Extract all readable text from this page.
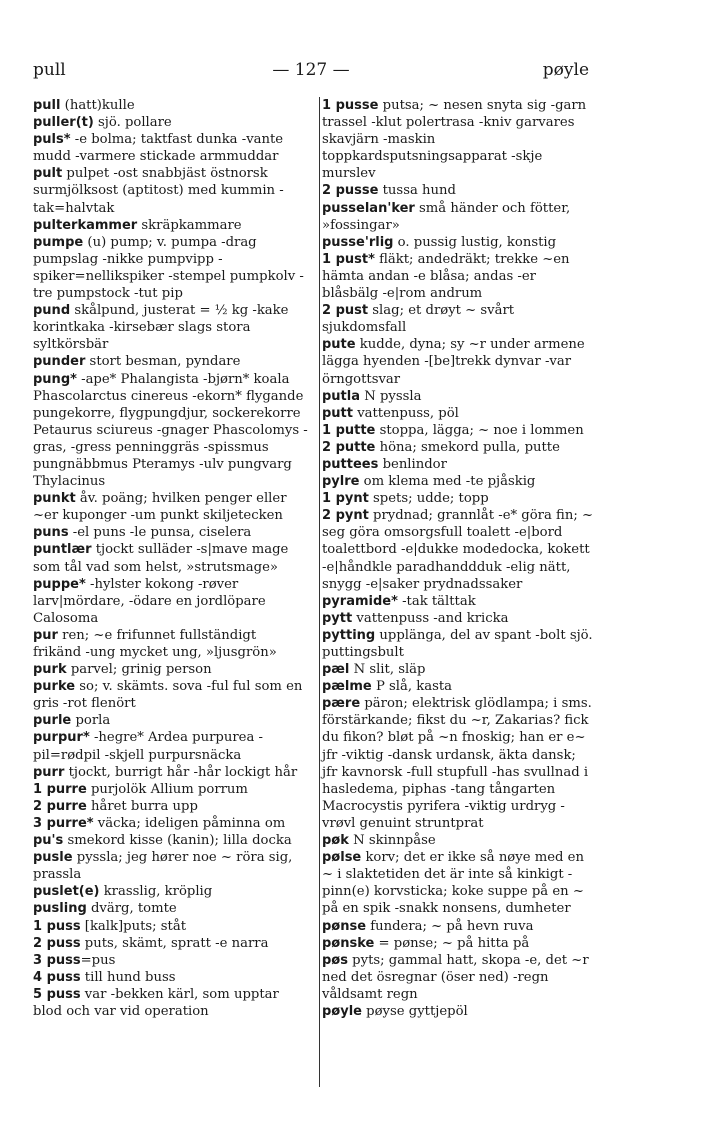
pull	— 127 —	pøyle

pull (hatt)kulle

puller(t) sjö. pollare

puls* -e bolma; taktfast dunka -vante mudd -varmere stickade armmuddar

pult pulpet -ost snabbjäst östnorsk surmjölksost (aptitost) med kummin -tak=halvtak

pulterkammer skräpkammare

pumpe (u) pump; v. pumpa -drag pumpslag -nikke pumpvipp -spiker=nellikspiker -stempel pumpkolv -tre pumpstock -tut pip

pund skålpund, justerat = ½ kg -kake korintkaka -kirsebær slags stora syltkörsbär

punder stort besman, pyndare

pung* -ape* Phalangista -bjørn* koala Phascolarctus cinereus -ekorn* flygande pungekorre, flygpungdjur, sockerekorre Petaurus sciureus -gnager Phascolomys -gras, -gress penninggräs -spissmus pungnäbbmus Pteramys -ulv pungvarg Thylacinus

punkt åv. poäng; hvilken penger eller ~er kuponger -um punkt skiljetecken

puns -el puns -le punsa, ciselera

puntlær tjockt sulläder -s|mave mage som tål vad som helst, »strutsmage»

puppe* -hylster kokong -røver larv|mördare, -ödare en jordlöpare Calosoma

pur ren; ~e frifunnet fullständigt frikänd -ung mycket ung, »ljusgrön»

purk parvel; grinig person

purke so; v. skämts. sova -ful ful som en gris -rot flenört

purle porla

purpur* -hegre* Ardea purpurea -pil=rødpil -skjell purpursnäcka

purr tjockt, burrigt hår -hår lockigt hår

1 purre purjolök Allium porrum

2 purre håret burra upp

3 purre* väcka; ideligen påminna om

pu's smekord kisse (kanin); lilla docka

pusle pyssla; jeg hører noe ~ röra sig, prassla

puslet(e) krasslig, kröplig

pusling dvärg, tomte

1 puss [kalk]puts; ståt

2 puss puts, skämt, spratt -e narra

3 puss=pus

4 puss till hund buss

5 puss var -bekken kärl, som upptar blod och var vid operation

1 pusse putsa; ~ nesen snyta sig -garn trassel -klut polertrasa -kniv garvares skavjärn -maskin toppkardsputsningsapparat -skje murslev

2 pusse tussa hund

pusselan'ker små händer och fötter, »fossingar»

pusse'rlig o. pussig lustig, konstig

1 pust* fläkt; andedräkt; trekke ~en hämta andan -e blåsa; andas -er blåsbälg -e|rom andrum

2 pust slag; et drøyt ~ svårt sjukdomsfall

pute kudde, dyna; sy ~r under armene lägga hyenden -[be]trekk dynvar -var örngottsvar

putla N pyssla

putt vattenpuss, pöl

1 putte stoppa, lägga; ~ noe i lommen

2 putte höna; smekord pulla, putte

puttees benlindor

pylre om klema med -te pjåskig

1 pynt spets; udde; topp

2 pynt prydnad; grannlåt -e* göra fin; ~ seg göra omsorgsfull toalett -e|bord toalettbord -e|dukke modedocka, kokett -e|håndkle paradhanddduk -elig nätt, snygg -e|saker prydnadssaker

pyramide* -tak tälttak

pytt vattenpuss -and kricka

pytting upplänga, del av spant -bolt sjö. puttingsbult

pæl N slit, släp

pælme P slå, kasta

pære päron; elektrisk glödlampa; i sms. förstärkande; fikst du ~r, Zakarias? fick du fikon? bløt på ~n fnoskig; han er e~ jfr -viktig -dansk urdansk, äkta dansk; jfr kavnorsk -full stupfull -has svullnad i hasledema, piphas -tang tångarten Macrocystis pyrifera -viktig urdryg -vrøvl genuint struntprat

pøk N skinnpåse

pølse korv; det er ikke så nøye med en ~ i slaktetiden det är inte så kinkigt -pinn(e) korvsticka; koke suppe på en ~ på en spik -snakk nonsens, dumheter

pønse fundera; ~ på hevn ruva

pønske = pønse; ~ på hitta på

pøs pyts; gammal hatt, skopa -e, det ~r ned det ösregnar (öser ned) -regn våldsamt regn

pøyle pøyse gyttjepöl
